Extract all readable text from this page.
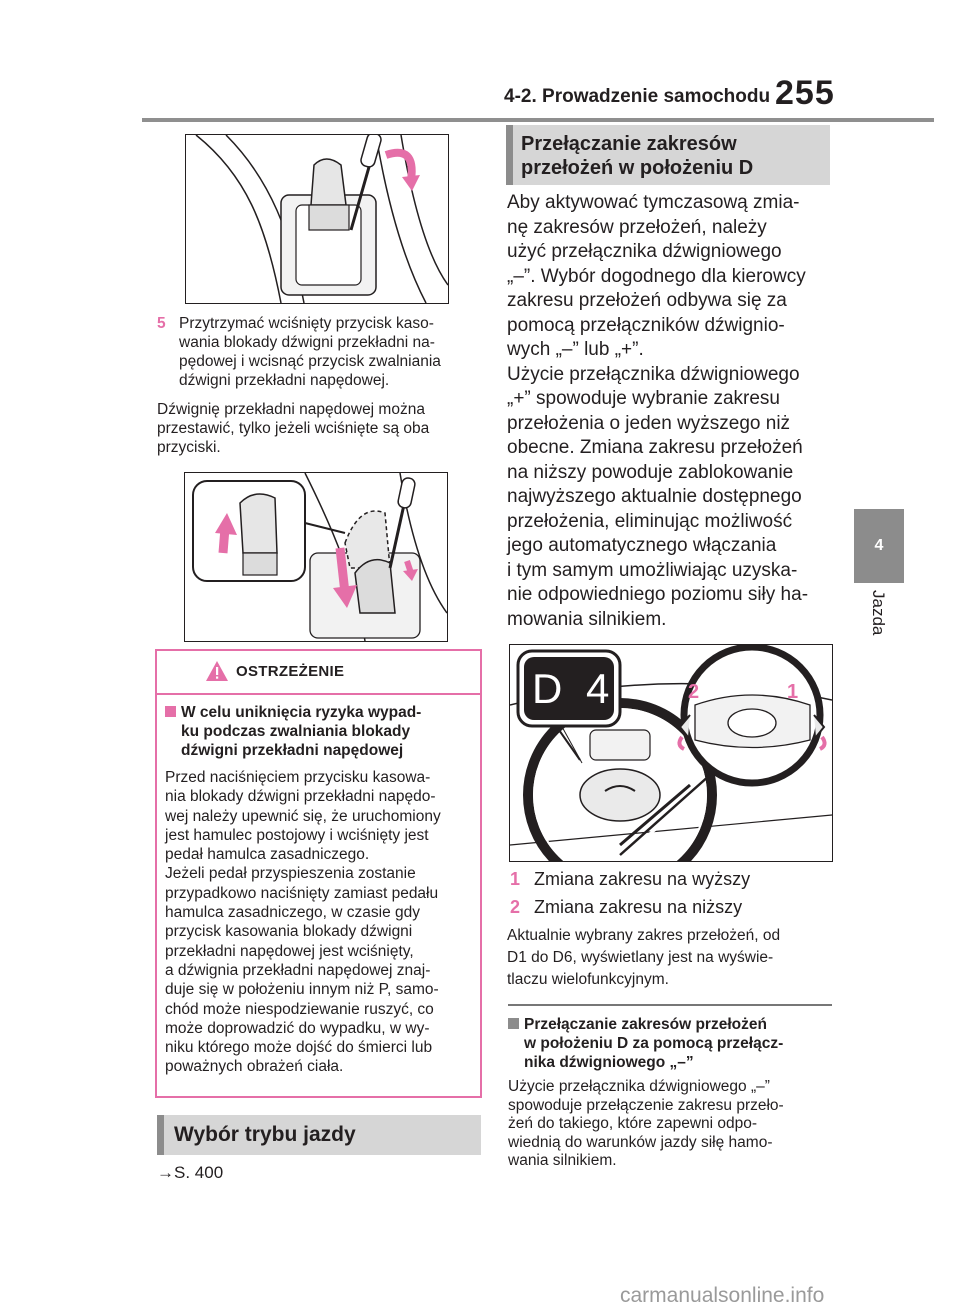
4-2. Prowadzenie samochodu 255
4
Jazda
5 Przytrzymać wciśnięty przycisk kaso-
wania blokady dźwigni przekładni na-
pędowej i wcisnąć przycisk zwalniania
dźwigni przekładni napędowej.
Dźwignię przekładni napędowej można
przestawić, tylko jeżeli wciśnięte są oba
przyciski.
OSTRZEŻENIE
W celu uniknięcia ryzyka wypad-
ku podczas zwalniania blokady
dźwigni przekładni napędowej
Przed naciśnięciem przycisku kasowa-
nia blokady dźwigni przekładni napędo-
wej należy upewnić się, że uruchomiony
jest hamulec postojowy i wciśnięty jest
pedał hamulca zasadniczego.
Jeżeli pedał przyspieszenia zostanie
przypadkowo naciśnięty zamiast pedału
hamulca zasadniczego, w czasie gdy
przycisk kasowania blokady dźwigni
przekładni napędowej jest wciśnięty,
a dźwignia przekładni napędowej znaj-
duje się w położeniu innym niż P, samo-
chód może niespodziewanie ruszyć, co
może doprowadzić do wypadku, w wy-
niku którego może dojść do śmierci lub
poważnych obrażeń ciała.
Wybór trybu jazdy
→S. 400
Przełączanie zakresów
przełożeń w położeniu D
Aby aktywować tymczasową zmia-
nę zakresów przełożeń, należy
użyć przełącznika dźwigniowego
„–”. Wybór dogodnego dla kierowcy
zakresu przełożeń odbywa się za
pomocą przełączników dźwignio-
wych „–” lub „+”.
Użycie przełącznika dźwigniowego
„+” spowoduje wybranie zakresu
przełożenia o jeden wyższego niż
obecne. Zmiana zakresu przełożeń
na niższy powoduje zablokowanie
najwyższego aktualnie dostępnego
przełożenia, eliminując możliwość
jego automatycznego włączania
i tym samym umożliwiając uzyska-
nie odpowiedniego poziomu siły ha-
mowania silnikiem.
D 4	2	1
1 Zmiana zakresu na wyższy
2 Zmiana zakresu na niższy
Aktualnie wybrany zakres przełożeń, od
D1 do D6, wyświetlany jest na wyświe-
tlaczu wielofunkcyjnym.
Przełączanie zakresów przełożeń
w położeniu D za pomocą przełącz-
nika dźwigniowego „–”
Użycie przełącznika dźwigniowego „–”
spowoduje przełączenie zakresu przeło-
żeń do takiego, które zapewni odpo-
wiednią do warunków jazdy siłę hamo-
wania silnikiem.
carmanualsonline.info
